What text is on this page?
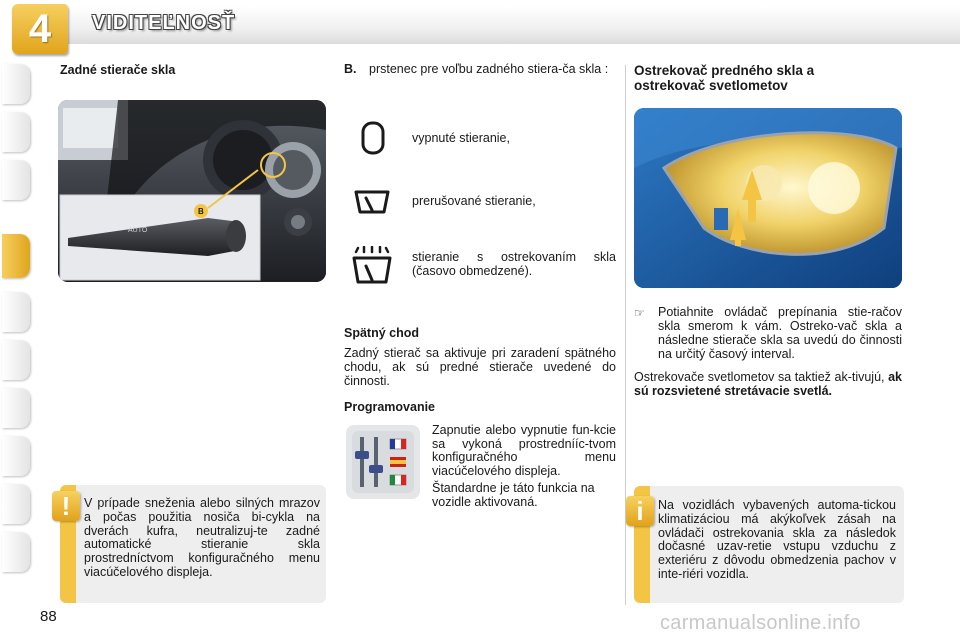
4	VIDITEĽNOSŤ
Zadné stierače skla
AUTO
B
!	V prípade sneženia alebo silných mrazov a počas použitia nosiča bi-cykla na dverách kufra, neutralizuj-te zadné automatické stieranie skla prostredníctvom konfiguračného menu viacúčelového displeja.
B. prstenec pre voľbu zadného stiera-ča skla :
vypnuté stieranie,
prerušované stieranie,
stieranie s ostrekovaním skla (časovo obmedzené).
Spätný chod
Zadný stierač sa aktivuje pri zaradení spätného chodu, ak sú predné stierače uvedené do činnosti.
Programovanie
Zapnutie alebo vypnutie fun-kcie sa vykoná prostrednííc-tvom konfiguračného menu viacúčelového displeja.
Štandardne je táto funkcia na vozidle aktivovaná.
Ostrekovač predného skla a
ostrekovač svetlometov
☞ Potiahnite ovládač prepínania stie-račov skla smerom k vám. Ostreko-vač skla a následne stierače skla sa uvedú do činnosti na určitý časový interval.
Ostrekovače svetlometov sa taktiež ak-tivujú, ak sú rozsvietené stretávacie svetlá.
i	Na vozidlách vybavených automa-tickou klimatizáciou má akýkoľvek zásah na ovládači ostrekovania skla za následok dočasné uzav-retie vstupu vzduchu z exteriéru z dôvodu obmedzenia pachov v inte-riéri vozidla.
88	carmanualsonline.info
